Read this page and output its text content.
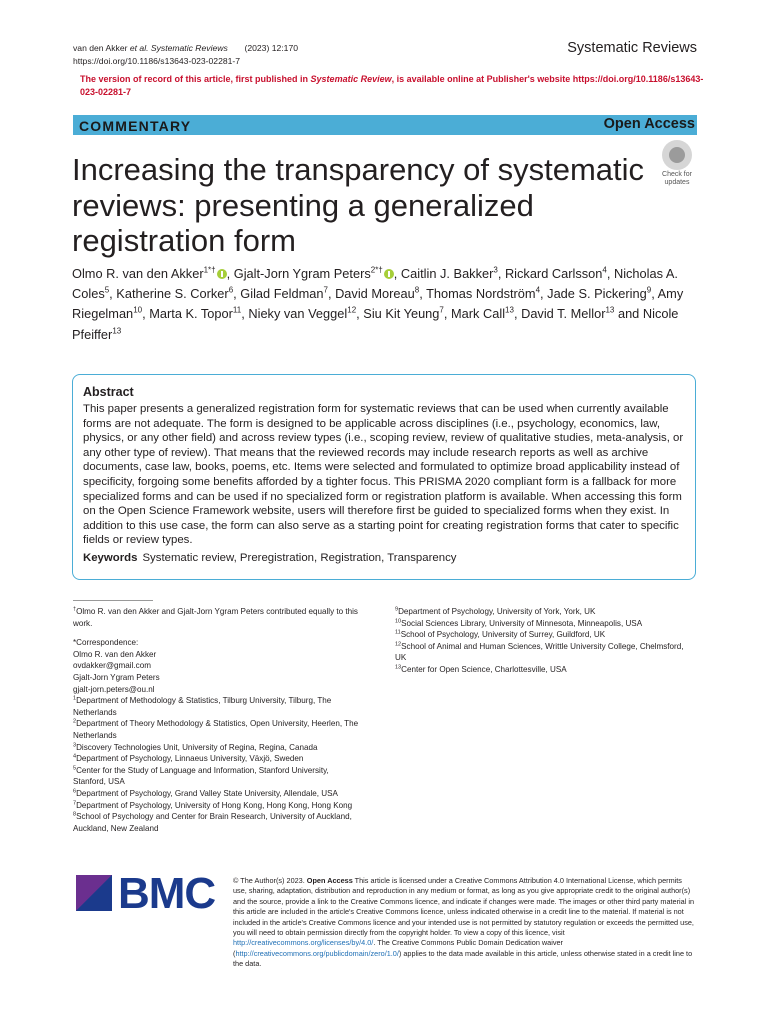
van den Akker et al. Systematic Reviews (2023) 12:170
https://doi.org/10.1186/s13643-023-02281-7
Systematic Reviews
The version of record of this article, first published in Systematic Review, is available online at Publisher's website https://doi.org/10.1186/s13643-023-02281-7
COMMENTARY	Open Access
Check for updates
Increasing the transparency of systematic reviews: presenting a generalized registration form
Olmo R. van den Akker$^{1*\dagger}$ , Gjalt-Jorn Ygram Peters$^{2*\dagger}$ , Caitlin J. Bakker$^3$, Rickard Carlsson$^4$, Nicholas A. Coles$^5$, Katherine S. Corker$^6$, Gilad Feldman$^7$, David Moreau$^8$, Thomas Nordström$^4$, Jade S. Pickering$^9$, Amy Riegelman$^{10}$, Marta K. Topor$^{11}$, Nieky van Veggel$^{12}$, Siu Kit Yeung$^7$, Mark Call$^{13}$, David T. Mellor$^{13}$ and Nicole Pfeiffer$^{13}$
Abstract
This paper presents a generalized registration form for systematic reviews that can be used when currently available forms are not adequate. The form is designed to be applicable across disciplines (i.e., psychology, economics, law, physics, or any other field) and across review types (i.e., scoping review, review of qualitative studies, meta-analysis, or any other type of review). That means that the reviewed records may include research reports as well as archive documents, case law, books, poems, etc. Items were selected and formulated to optimize broad applicability instead of specificity, forgoing some benefits afforded by a tighter focus. This PRISMA 2020 compliant form is a fallback for more specialized forms and can be used if no specialized form or registration platform is available. When accessing this form on the Open Science Framework website, users will therefore first be guided to specialized forms when they exist. In addition to this use case, the form can also serve as a starting point for creating registration forms that cater to specific fields or review types.
Keywords Systematic review, Preregistration, Registration, Transparency

†Olmo R. van den Akker and Gjalt-Jorn Ygram Peters contributed equally to this work.

*Correspondence:

Olmo R. van den Akker

ovdakker@gmail.com

Gjalt-Jorn Ygram Peters

gjalt-jorn.peters@ou.nl

$^1$Department of Methodology & Statistics, Tilburg University, Tilburg, The Netherlands

$^2$Department of Theory Methodology & Statistics, Open University, Heerlen, The Netherlands

$^3$Discovery Technologies Unit, University of Regina, Regina, Canada

$^4$Department of Psychology, Linnaeus University, Växjö, Sweden

$^5$Center for the Study of Language and Information, Stanford University, Stanford, USA

$^6$Department of Psychology, Grand Valley State University, Allendale, USA

$^7$Department of Psychology, University of Hong Kong, Hong Kong, Hong Kong

$^8$School of Psychology and Center for Brain Research, University of Auckland, Auckland, New Zealand

$^9$Department of Psychology, University of York, York, UK

$^{10}$Social Sciences Library, University of Minnesota, Minneapolis, USA

$^{11}$School of Psychology, University of Surrey, Guildford, UK

$^{12}$School of Animal and Human Sciences, Writtle University College, Chelmsford, UK

$^{13}$Center for Open Science, Charlottesville, USA

BMC © The Author(s) 2023. Open Access This article is licensed under a Creative Commons Attribution 4.0 International License, which permits use, sharing, adaptation, distribution and reproduction in any medium or format, as long as you give appropriate credit to the original author(s) and the source, provide a link to the Creative Commons licence, and indicate if changes were made. The images or other third party material in this article are included in the article's Creative Commons licence, unless indicated otherwise in a credit line to the material. If material is not included in the article's Creative Commons licence and your intended use is not permitted by statutory regulation or exceeds the permitted use, you will need to obtain permission directly from the copyright holder. To view a copy of this licence, visit http://creativecommons.org/licenses/by/4.0/. The Creative Commons Public Domain Dedication waiver (http://creativecommons.org/publicdomain/zero/1.0/) applies to the data made available in this article, unless otherwise stated in a credit line to the data.
